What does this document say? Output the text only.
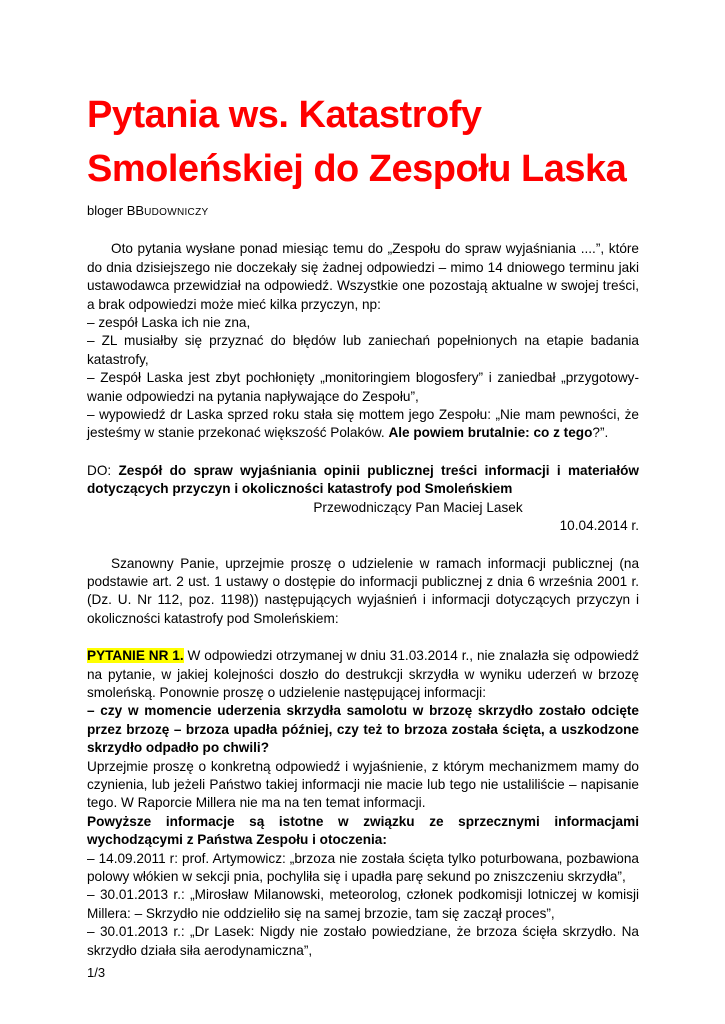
Pytania ws. Katastrofy
Smoleńskiej do Zespołu Laska
bloger BBUDOWNICZY

Oto pytania wysłane ponad miesiąc temu do „Zespołu do spraw wyjaśniania ....”, które do dnia dzisiejszego nie doczekały się żadnej odpowiedzi – mimo 14 dniowego terminu jaki ustawodawca przewidział na odpowiedź. Wszystkie one pozostają aktualne w swojej treści, a brak odpowiedzi może mieć kilka przyczyn, np:

– zespół Laska ich nie zna,

– ZL musiałby się przyznać do błędów lub zaniechań popełnionych na etapie badania katastrofy,

– Zespół Laska jest zbyt pochłonięty „monitoringiem blogosfery” i zaniedbał „przygotowy-wanie odpowiedzi na pytania napływające do Zespołu”,

– wypowiedź dr Laska sprzed roku stała się mottem jego Zespołu: „Nie mam pewności, że jesteśmy w stanie przekonać większość Polaków. Ale powiem brutalnie: co z tego?”.

DO: Zespół do spraw wyjaśniania opinii publicznej treści informacji i materiałów dotyczących przyczyn i okoliczności katastrofy pod Smoleńskiem

Przewodniczący Pan Maciej Lasek

10.04.2014 r.

Szanowny Panie, uprzejmie proszę o udzielenie w ramach informacji publicznej (na podstawie art. 2 ust. 1 ustawy o dostępie do informacji publicznej z dnia 6 września 2001 r. (Dz. U. Nr 112, poz. 1198)) następujących wyjaśnień i informacji dotyczących przyczyn i okoliczności katastrofy pod Smoleńskiem:

PYTANIE NR 1. W odpowiedzi otrzymanej w dniu 31.03.2014 r., nie znalazła się odpowiedź na pytanie, w jakiej kolejności doszło do destrukcji skrzydła w wyniku uderzeń w brzozę smoleńską. Ponownie proszę o udzielenie następującej informacji:

– czy w momencie uderzenia skrzydła samolotu w brzozę skrzydło zostało odcięte przez brzozę – brzoza upadła później, czy też to brzoza została ścięta, a uszkodzone skrzydło odpadło po chwili?

Uprzejmie proszę o konkretną odpowiedź i wyjaśnienie, z którym mechanizmem mamy do czynienia, lub jeżeli Państwo takiej informacji nie macie lub tego nie ustaliliście – napisanie tego. W Raporcie Millera nie ma na ten temat informacji.

Powyższe informacje są istotne w związku ze sprzecznymi informacjami wychodzącymi z Państwa Zespołu i otoczenia:

– 14.09.2011 r: prof. Artymowicz: „brzoza nie została ścięta tylko poturbowana, pozbawiona polowy włókien w sekcji pnia, pochyliła się i upadła parę sekund po zniszczeniu skrzydła”,

– 30.01.2013 r.: „Mirosław Milanowski, meteorolog, członek podkomisji lotniczej w komisji Millera: – Skrzydło nie oddzieliło się na samej brzozie, tam się zaczął proces”,

– 30.01.2013 r.: „Dr Lasek: Nigdy nie zostało powiedziane, że brzoza ścięła skrzydło. Na skrzydło działa siła aerodynamiczna”,

1/3
